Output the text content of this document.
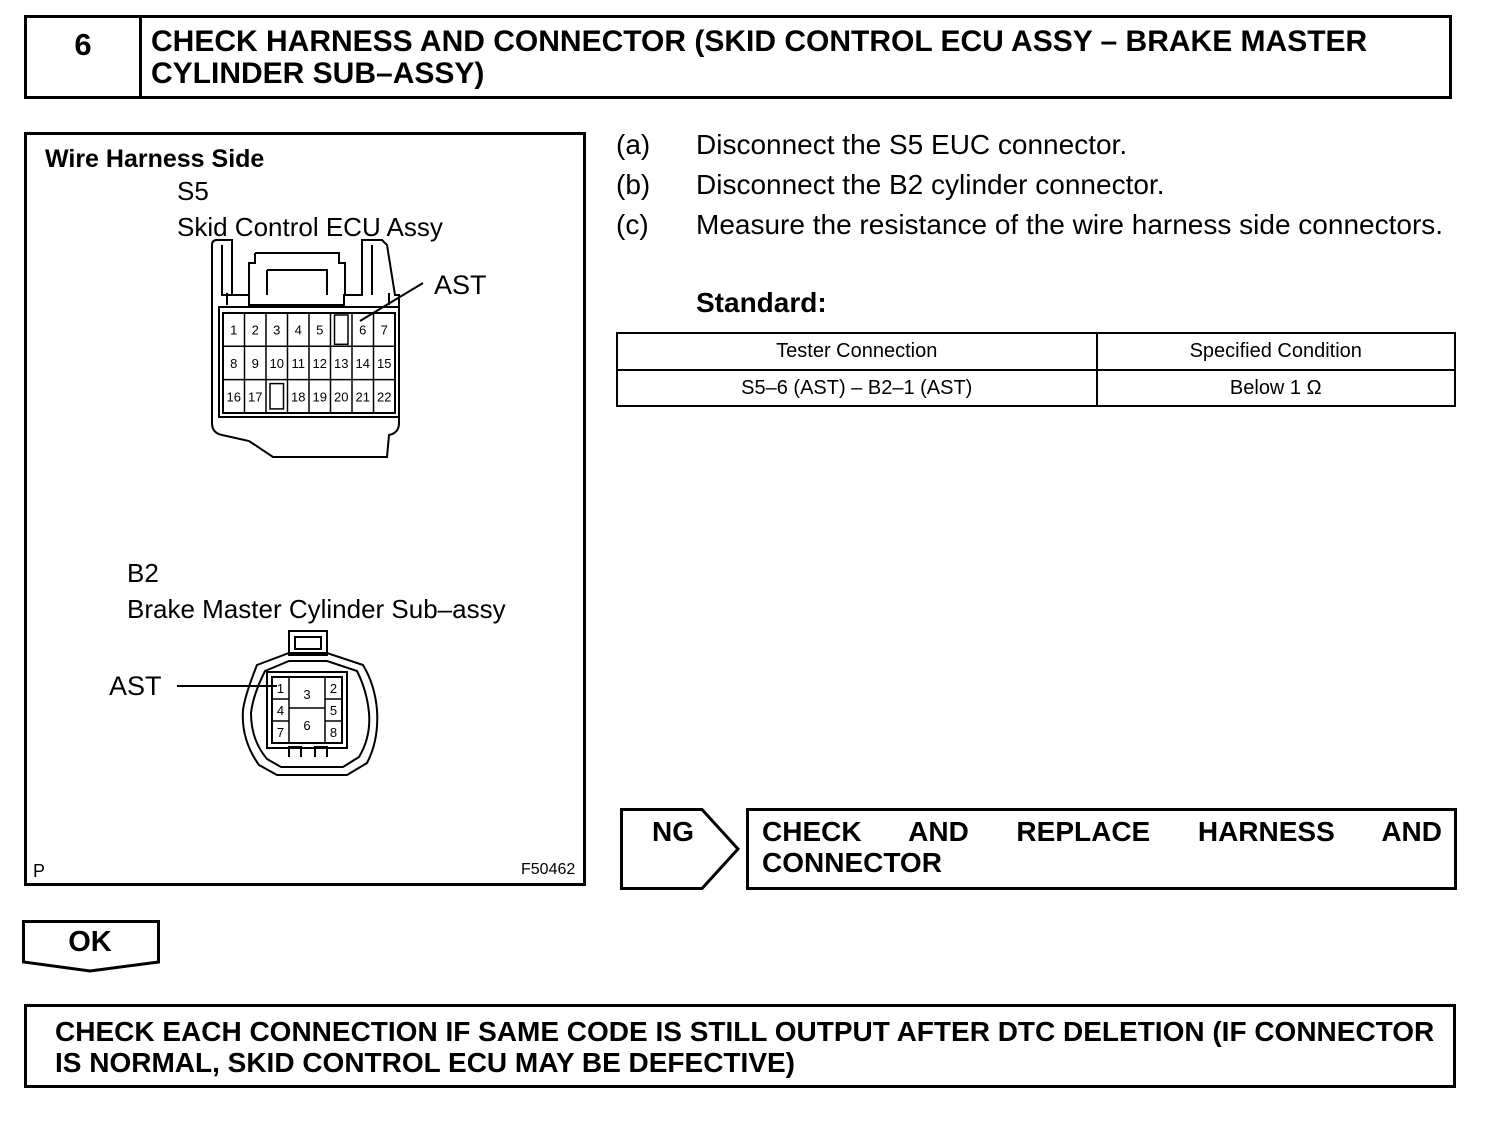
6	CHECK HARNESS AND CONNECTOR (SKID CONTROL ECU ASSY – BRAKE MASTER CYLINDER SUB–ASSY)
1 2 3 4 5	6 7
8 9 10 11 12 13 14 15
16 17 18 19 20 21 22
1	2
3
4	5
6
7	8
Wire Harness Side
S5
Skid Control ECU Assy
AST
B2
Brake Master Cylinder Sub–assy
AST
P	F50462
(a) Disconnect the S5 EUC connector.
(b) Disconnect the B2 cylinder connector.
(c) Measure the resistance of the wire harness side connectors.
Standard:
Tester Connection	Specified Condition
S5–6 (AST) – B2–1 (AST)	Below 1 Ω
NG CHECK AND REPLACE HARNESS AND
CONNECTOR
OK
CHECK EACH CONNECTION IF SAME CODE IS STILL OUTPUT AFTER DTC DELETION (IF CONNECTOR IS NORMAL, SKID CONTROL ECU MAY BE DEFECTIVE)
